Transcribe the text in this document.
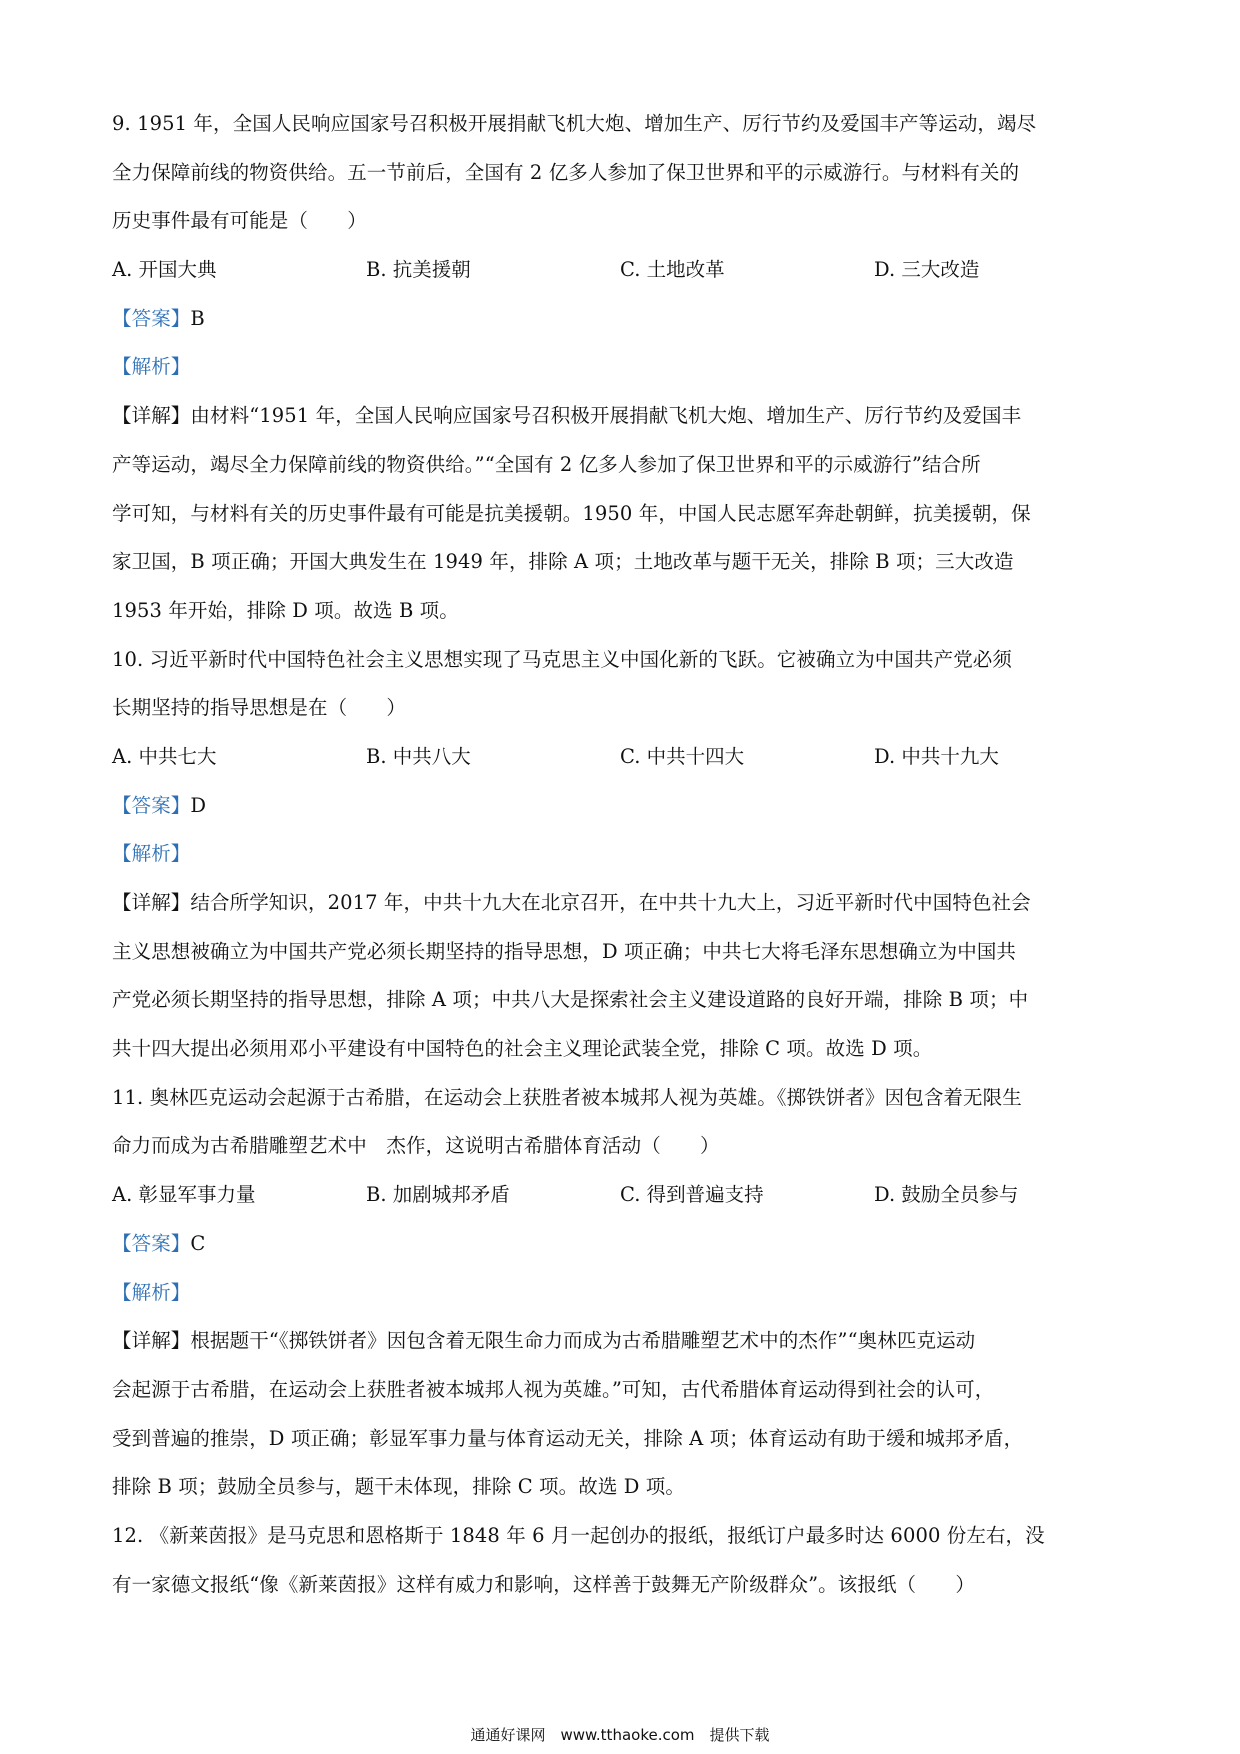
9. 1951 年，全国人民响应国家号召积极开展捐献飞机大炮、增加生产、厉行节约及爱国丰产等运动，竭尽
全力保障前线的物资供给。五一节前后，全国有 2 亿多人参加了保卫世界和平的示威游行。与材料有关的
历史事件最有可能是（　　）
A. 开国大典	B. 抗美援朝	C. 土地改革	D. 三大改造
【答案】B
【解析】
【详解】由材料“1951 年，全国人民响应国家号召积极开展捐献飞机大炮、增加生产、厉行节约及爱国丰
产等运动，竭尽全力保障前线的物资供给。”“全国有 2 亿多人参加了保卫世界和平的示威游行”结合所
学可知，与材料有关的历史事件最有可能是抗美援朝。1950 年，中国人民志愿军奔赴朝鲜，抗美援朝，保
家卫国，B 项正确；开国大典发生在 1949 年，排除 A 项；土地改革与题干无关，排除 B 项；三大改造
1953 年开始，排除 D 项。故选 B 项。
10. 习近平新时代中国特色社会主义思想实现了马克思主义中国化新的飞跃。它被确立为中国共产党必须
长期坚持的指导思想是在（　　）
A. 中共七大	B. 中共八大	C. 中共十四大	D. 中共十九大
【答案】D
【解析】
【详解】结合所学知识，2017 年，中共十九大在北京召开，在中共十九大上，习近平新时代中国特色社会
主义思想被确立为中国共产党必须长期坚持的指导思想，D 项正确；中共七大将毛泽东思想确立为中国共
产党必须长期坚持的指导思想，排除 A 项；中共八大是探索社会主义建设道路的良好开端，排除 B 项；中
共十四大提出必须用邓小平建设有中国特色的社会主义理论武装全党，排除 C 项。故选 D 项。
11. 奥林匹克运动会起源于古希腊，在运动会上获胜者被本城邦人视为英雄。《掷铁饼者》因包含着无限生
命力而成为古希腊雕塑艺术中　杰作，这说明古希腊体育活动（　　）
A. 彰显军事力量	B. 加剧城邦矛盾	C. 得到普遍支持	D. 鼓励全员参与
【答案】C
【解析】
【详解】根据题干“《掷铁饼者》因包含着无限生命力而成为古希腊雕塑艺术中的杰作”“奥林匹克运动
会起源于古希腊，在运动会上获胜者被本城邦人视为英雄。”可知，古代希腊体育运动得到社会的认可，
受到普遍的推崇，D 项正确；彰显军事力量与体育运动无关，排除 A 项；体育运动有助于缓和城邦矛盾，
排除 B 项；鼓励全员参与，题干未体现，排除 C 项。故选 D 项。
12. 《新莱茵报》是马克思和恩格斯于 1848 年 6 月一起创办的报纸，报纸订户最多时达 6000 份左右，没
有一家德文报纸“像《新莱茵报》这样有威力和影响，这样善于鼓舞无产阶级群众”。该报纸（　　）
通通好课网　www.tthaoke.com　提供下载
